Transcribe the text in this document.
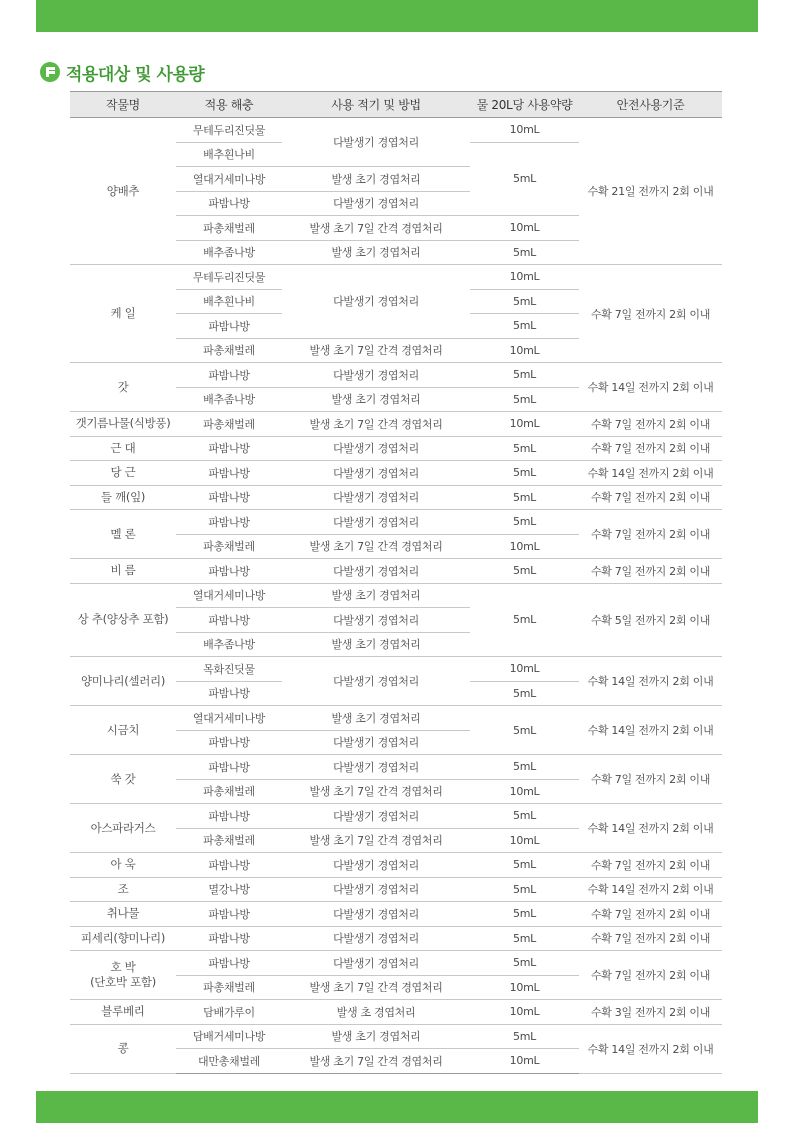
적용대상 및 사용량
작물명	적용 해충	사용 적기 및 방법	물 20L당 사용약량	안전사용기준
양배추	무테두리진딧물	다발생기 경엽처리	10mL	수확 21일 전까지 2회 이내
	배추흰나비		5mL	
	열대거세미나방	발생 초기 경엽처리		
	파밤나방	다발생기 경엽처리		
	파총채벌레	발생 초기 7일 간격 경엽처리	10mL	
	배추좀나방	발생 초기 경엽처리	5mL	
케 일	무테두리진딧물	다발생기 경엽처리	10mL	수확 7일 전까지 2회 이내
	배추흰나비		5mL	
	파밤나방		5mL	
	파총채벌레	발생 초기 7일 간격 경엽처리	10mL	
갓	파밤나방	다발생기 경엽처리	5mL	수확 14일 전까지 2회 이내
	배추좀나방	발생 초기 경엽처리	5mL	
갯기름나물(식방풍)	파총채벌레	발생 초기 7일 간격 경엽처리	10mL	수확 7일 전까지 2회 이내
근 대	파밤나방	다발생기 경엽처리	5mL	수확 7일 전까지 2회 이내
당 근	파밤나방	다발생기 경엽처리	5mL	수확 14일 전까지 2회 이내
들 깨(잎)	파밤나방	다발생기 경엽처리	5mL	수확 7일 전까지 2회 이내
멜 론	파밤나방	다발생기 경엽처리	5mL	수확 7일 전까지 2회 이내
	파총채벌레	발생 초기 7일 간격 경엽처리	10mL	
비 름	파밤나방	다발생기 경엽처리	5mL	수확 7일 전까지 2회 이내
상 추(양상추 포함)	열대거세미나방	발생 초기 경엽처리	5mL	수확 5일 전까지 2회 이내
	파밤나방	다발생기 경엽처리		
	배추좀나방	발생 초기 경엽처리		
양미나리(셀러리)	목화진딧물	다발생기 경엽처리	10mL	수확 14일 전까지 2회 이내
	파밤나방		5mL	
시금치	열대거세미나방	발생 초기 경엽처리	5mL	수확 14일 전까지 2회 이내
	파밤나방	다발생기 경엽처리		
쑥 갓	파밤나방	다발생기 경엽처리	5mL	수확 7일 전까지 2회 이내
	파총채벌레	발생 초기 7일 간격 경엽처리	10mL	
아스파라거스	파밤나방	다발생기 경엽처리	5mL	수확 14일 전까지 2회 이내
	파총채벌레	발생 초기 7일 간격 경엽처리	10mL	
아 욱	파밤나방	다발생기 경엽처리	5mL	수확 7일 전까지 2회 이내
조	멸강나방	다발생기 경엽처리	5mL	수확 14일 전까지 2회 이내
취나물	파밤나방	다발생기 경엽처리	5mL	수확 7일 전까지 2회 이내
피세리(향미나리)	파밤나방	다발생기 경엽처리	5mL	수확 7일 전까지 2회 이내
호 박
(단호박 포함)	파밤나방	다발생기 경엽처리	5mL	수확 7일 전까지 2회 이내
	파총채벌레	발생 초기 7일 간격 경엽처리	10mL	
블루베리	담배가루이	발생 초 경엽처리	10mL	수확 3일 전까지 2회 이내
콩	담배거세미나방	발생 초기 경엽처리	5mL	수확 14일 전까지 2회 이내
	대만총채벌레	발생 초기 7일 간격 경엽처리	10mL	
